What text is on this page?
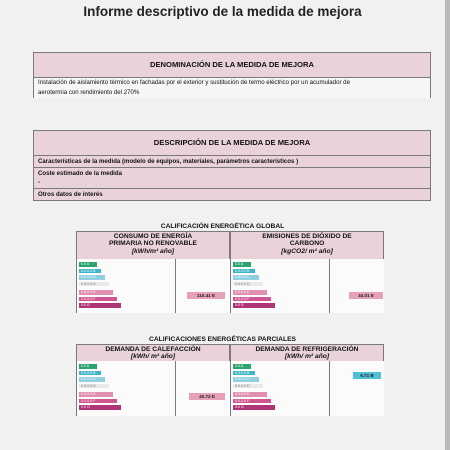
Informe descriptivo de la medida de mejora
DENOMINACIÓN DE LA MEDIDA DE MEJORA
Instalación de aislamiento térmico en fachadas por el exterior y sustitución de termo eléctrico por un acumulador de
aerotermia con rendimiento del 270%
DESCRIPCIÓN DE LA MEDIDA DE MEJORA
Características de la medida (modelo de equipos, materiales, parámetros característicos )
Coste estimado de la medida
-
Otros datos de interés
CALIFICACIÓN ENERGÉTICA GLOBAL
CONSUMO DE ENERGÍA
PRIMARIA NO RENOVABLE
[kWh/m² año]
0.0 A
0.0-0.0 B
0.0-0.0 C
0.0-0.0 D
0.0-0.0 E
0.0-0.0 F
0.0 G
110.41 E
EMISIONES DE DIÓXIDO DE
CARBONO
[kgCO2/ m² año]
0.0 A
0.0-0.0 B
0.0-0.0 C
0.0-0.0 D
0.0-0.0 E
0.0-0.0 F
0.0 G
34.01 E
CALIFICACIONES ENERGÉTICAS PARCIALES
DEMANDA DE CALEFACCIÓN
[kWh/ m² año]
0.0 A
0.0-0.0 B
0.0-0.0 C
0.0-0.0 D
0.0-0.0 E
0.0-0.0 F
0.0 G
40.72 E
DEMANDA DE REFRIGERACIÓN
[kWh/ m² año]
0.0 A
0.0-0.0 B
0.0-0.0 C
0.0-0.0 D
0.0-0.0 E
0.0-0.0 F
0.0 G
6.71 B
